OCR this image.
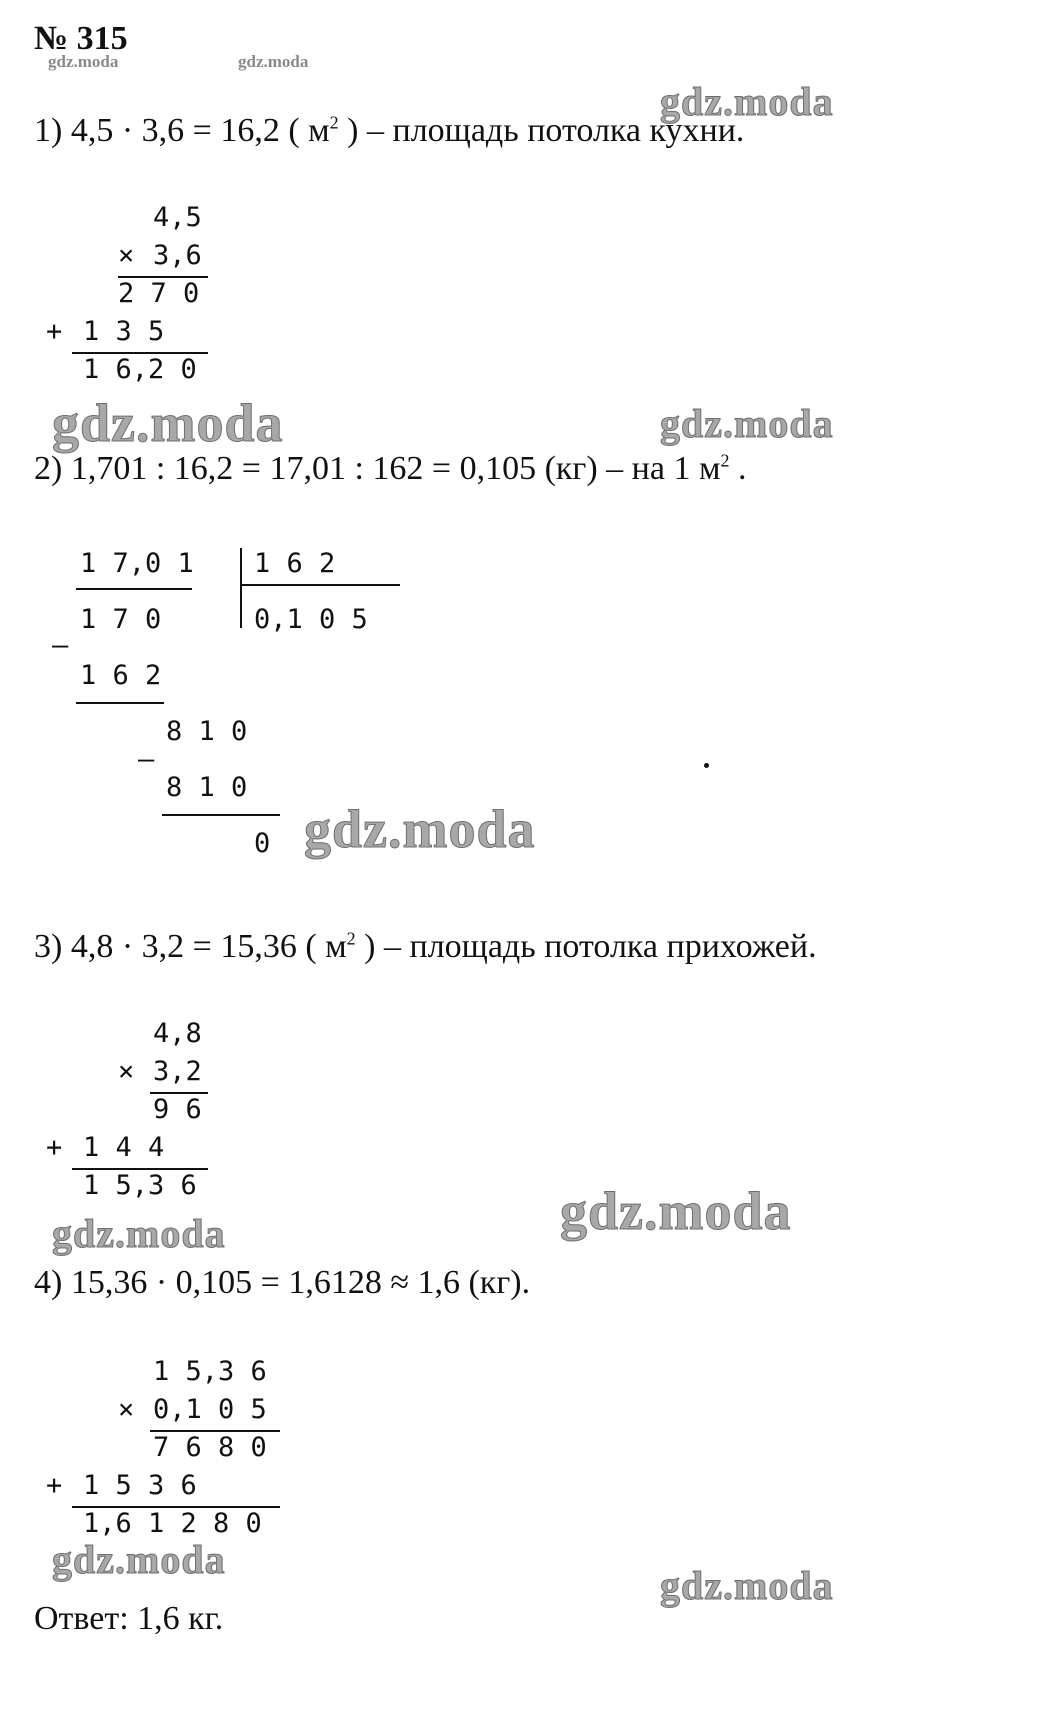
№ 315
gdz.moda	gdz.moda
gdz.moda
gdz.moda	gdz.moda
gdz.moda
gdz.moda
gdz.moda
gdz.moda
gdz.moda
1) 4,5 · 3,6 = 16,2 ( $м^2$ ) – площадь потолка кухни.
4,5
× 3,6
2 7 0
+ 1 3 5
1 6,2 0
2) 1,701 : 16,2 = 17,01 : 162 = 0,105 (кг) – на 1 $м^2$ .
1 7,0 1 1 6 2
0,1 0 5
1 7 0
–
1 6 2
8 1 0
–
8 1 0
0
3) 4,8 · 3,2 = 15,36 ( $м^2$ ) – площадь потолка прихожей.
4,8
× 3,2
9 6
+ 1 4 4
1 5,3 6
4) 15,36 · 0,105 = 1,6128 ≈ 1,6 (кг).
1 5,3 6
× 0,1 0 5
7 6 8 0
+ 1 5 3 6
1,6 1 2 8 0
Ответ: 1,6 кг.
